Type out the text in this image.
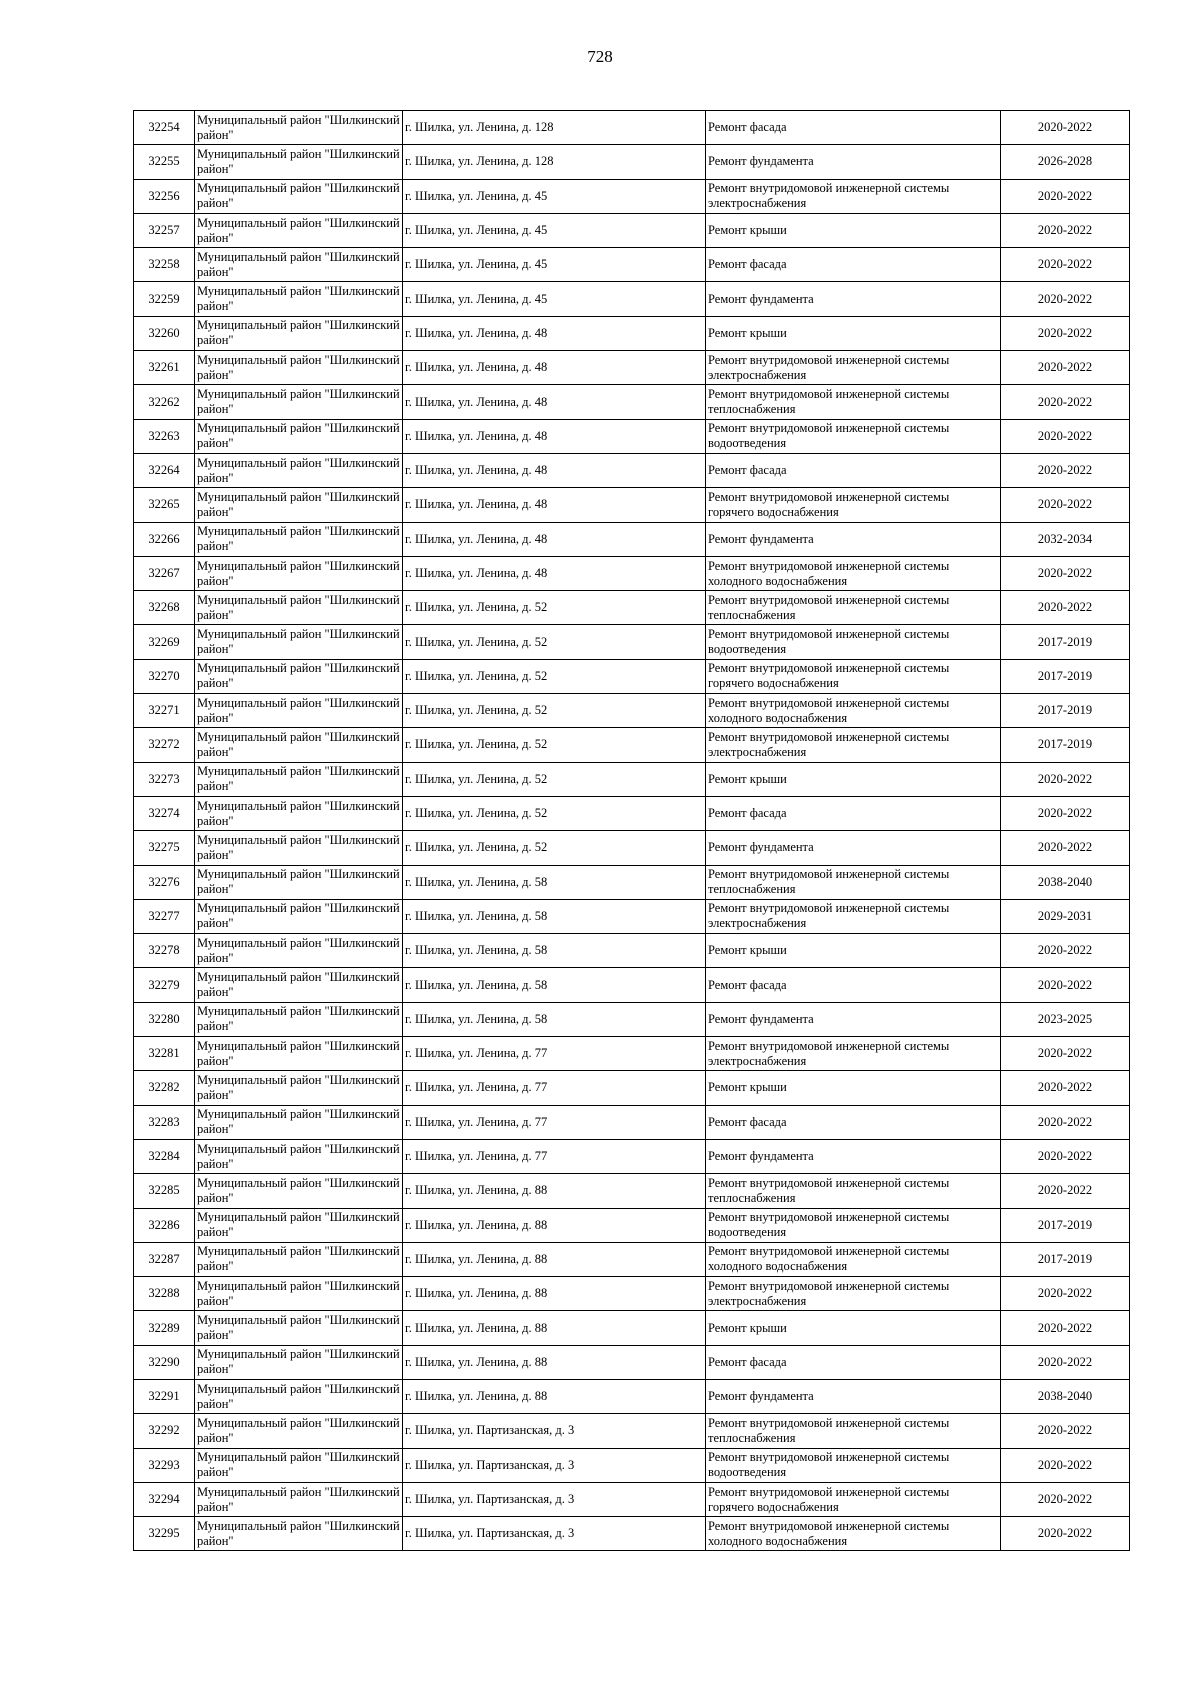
728
32254	Муниципальный район "Шилкинский район"	г. Шилка, ул. Ленина, д. 128	Ремонт фасада	2020-2022
32255	Муниципальный район "Шилкинский район"	г. Шилка, ул. Ленина, д. 128	Ремонт фундамента	2026-2028
32256	Муниципальный район "Шилкинский район"	г. Шилка, ул. Ленина, д. 45	Ремонт внутридомовой инженерной системы электроснабжения	2020-2022
32257	Муниципальный район "Шилкинский район"	г. Шилка, ул. Ленина, д. 45	Ремонт крыши	2020-2022
32258	Муниципальный район "Шилкинский район"	г. Шилка, ул. Ленина, д. 45	Ремонт фасада	2020-2022
32259	Муниципальный район "Шилкинский район"	г. Шилка, ул. Ленина, д. 45	Ремонт фундамента	2020-2022
32260	Муниципальный район "Шилкинский район"	г. Шилка, ул. Ленина, д. 48	Ремонт крыши	2020-2022
32261	Муниципальный район "Шилкинский район"	г. Шилка, ул. Ленина, д. 48	Ремонт внутридомовой инженерной системы электроснабжения	2020-2022
32262	Муниципальный район "Шилкинский район"	г. Шилка, ул. Ленина, д. 48	Ремонт внутридомовой инженерной системы теплоснабжения	2020-2022
32263	Муниципальный район "Шилкинский район"	г. Шилка, ул. Ленина, д. 48	Ремонт внутридомовой инженерной системы водоотведения	2020-2022
32264	Муниципальный район "Шилкинский район"	г. Шилка, ул. Ленина, д. 48	Ремонт фасада	2020-2022
32265	Муниципальный район "Шилкинский район"	г. Шилка, ул. Ленина, д. 48	Ремонт внутридомовой инженерной системы горячего водоснабжения	2020-2022
32266	Муниципальный район "Шилкинский район"	г. Шилка, ул. Ленина, д. 48	Ремонт фундамента	2032-2034
32267	Муниципальный район "Шилкинский район"	г. Шилка, ул. Ленина, д. 48	Ремонт внутридомовой инженерной системы холодного водоснабжения	2020-2022
32268	Муниципальный район "Шилкинский район"	г. Шилка, ул. Ленина, д. 52	Ремонт внутридомовой инженерной системы теплоснабжения	2020-2022
32269	Муниципальный район "Шилкинский район"	г. Шилка, ул. Ленина, д. 52	Ремонт внутридомовой инженерной системы водоотведения	2017-2019
32270	Муниципальный район "Шилкинский район"	г. Шилка, ул. Ленина, д. 52	Ремонт внутридомовой инженерной системы горячего водоснабжения	2017-2019
32271	Муниципальный район "Шилкинский район"	г. Шилка, ул. Ленина, д. 52	Ремонт внутридомовой инженерной системы холодного водоснабжения	2017-2019
32272	Муниципальный район "Шилкинский район"	г. Шилка, ул. Ленина, д. 52	Ремонт внутридомовой инженерной системы электроснабжения	2017-2019
32273	Муниципальный район "Шилкинский район"	г. Шилка, ул. Ленина, д. 52	Ремонт крыши	2020-2022
32274	Муниципальный район "Шилкинский район"	г. Шилка, ул. Ленина, д. 52	Ремонт фасада	2020-2022
32275	Муниципальный район "Шилкинский район"	г. Шилка, ул. Ленина, д. 52	Ремонт фундамента	2020-2022
32276	Муниципальный район "Шилкинский район"	г. Шилка, ул. Ленина, д. 58	Ремонт внутридомовой инженерной системы теплоснабжения	2038-2040
32277	Муниципальный район "Шилкинский район"	г. Шилка, ул. Ленина, д. 58	Ремонт внутридомовой инженерной системы электроснабжения	2029-2031
32278	Муниципальный район "Шилкинский район"	г. Шилка, ул. Ленина, д. 58	Ремонт крыши	2020-2022
32279	Муниципальный район "Шилкинский район"	г. Шилка, ул. Ленина, д. 58	Ремонт фасада	2020-2022
32280	Муниципальный район "Шилкинский район"	г. Шилка, ул. Ленина, д. 58	Ремонт фундамента	2023-2025
32281	Муниципальный район "Шилкинский район"	г. Шилка, ул. Ленина, д. 77	Ремонт внутридомовой инженерной системы электроснабжения	2020-2022
32282	Муниципальный район "Шилкинский район"	г. Шилка, ул. Ленина, д. 77	Ремонт крыши	2020-2022
32283	Муниципальный район "Шилкинский район"	г. Шилка, ул. Ленина, д. 77	Ремонт фасада	2020-2022
32284	Муниципальный район "Шилкинский район"	г. Шилка, ул. Ленина, д. 77	Ремонт фундамента	2020-2022
32285	Муниципальный район "Шилкинский район"	г. Шилка, ул. Ленина, д. 88	Ремонт внутридомовой инженерной системы теплоснабжения	2020-2022
32286	Муниципальный район "Шилкинский район"	г. Шилка, ул. Ленина, д. 88	Ремонт внутридомовой инженерной системы водоотведения	2017-2019
32287	Муниципальный район "Шилкинский район"	г. Шилка, ул. Ленина, д. 88	Ремонт внутридомовой инженерной системы холодного водоснабжения	2017-2019
32288	Муниципальный район "Шилкинский район"	г. Шилка, ул. Ленина, д. 88	Ремонт внутридомовой инженерной системы электроснабжения	2020-2022
32289	Муниципальный район "Шилкинский район"	г. Шилка, ул. Ленина, д. 88	Ремонт крыши	2020-2022
32290	Муниципальный район "Шилкинский район"	г. Шилка, ул. Ленина, д. 88	Ремонт фасада	2020-2022
32291	Муниципальный район "Шилкинский район"	г. Шилка, ул. Ленина, д. 88	Ремонт фундамента	2038-2040
32292	Муниципальный район "Шилкинский район"	г. Шилка, ул. Партизанская, д. 3	Ремонт внутридомовой инженерной системы теплоснабжения	2020-2022
32293	Муниципальный район "Шилкинский район"	г. Шилка, ул. Партизанская, д. 3	Ремонт внутридомовой инженерной системы водоотведения	2020-2022
32294	Муниципальный район "Шилкинский район"	г. Шилка, ул. Партизанская, д. 3	Ремонт внутридомовой инженерной системы горячего водоснабжения	2020-2022
32295	Муниципальный район "Шилкинский район"	г. Шилка, ул. Партизанская, д. 3	Ремонт внутридомовой инженерной системы холодного водоснабжения	2020-2022
